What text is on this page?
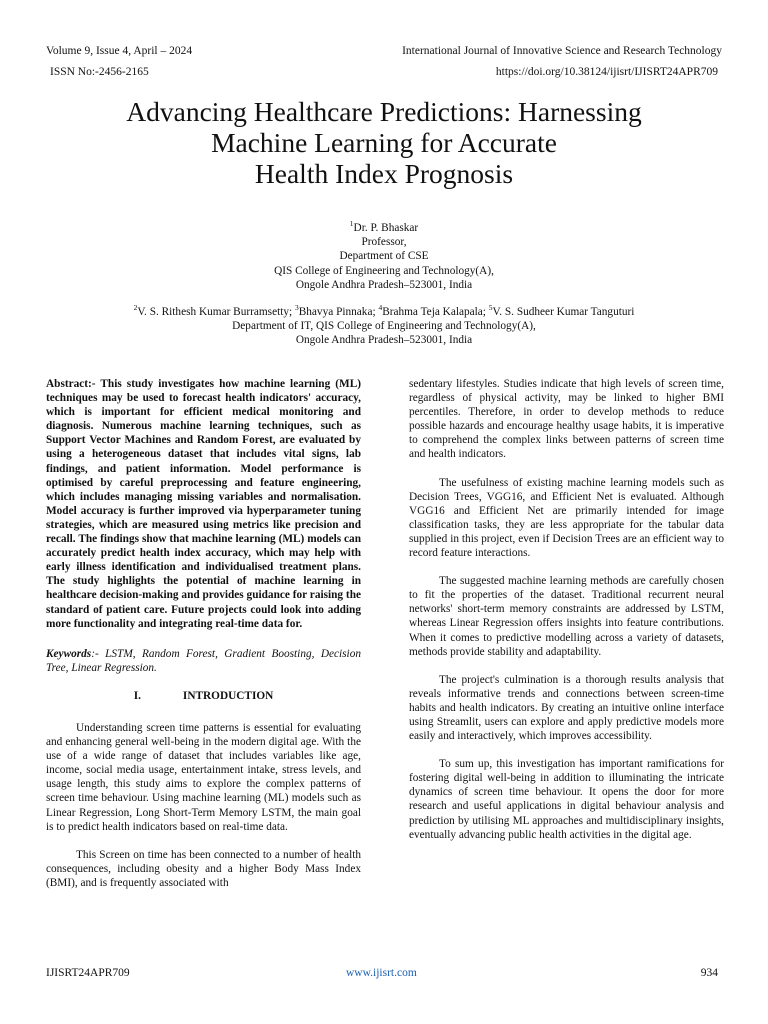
Volume 9, Issue 4, April – 2024	International Journal of Innovative Science and Research Technology
ISSN No:-2456-2165	https://doi.org/10.38124/ijisrt/IJISRT24APR709
Advancing Healthcare Predictions: Harnessing
Machine Learning for Accurate
Health Index Prognosis
$^1$Dr. P. Bhaskar
Professor,
Department of CSE
QIS College of Engineering and Technology(A),
Ongole Andhra Pradesh–523001, India
$^2$V. S. Rithesh Kumar Burramsetty; $^3$Bhavya Pinnaka; $^4$Brahma Teja Kalapala; $^5$V. S. Sudheer Kumar Tanguturi
Department of IT, QIS College of Engineering and Technology(A),
Ongole Andhra Pradesh–523001, India

Abstract:- This study investigates how machine learning (ML) techniques may be used to forecast health indicators' accuracy, which is important for efficient medical monitoring and diagnosis. Numerous machine learning techniques, such as Support Vector Machines and Random Forest, are evaluated by using a heterogeneous dataset that includes vital signs, lab findings, and patient information. Model performance is optimised by careful preprocessing and feature engineering, which includes managing missing variables and normalisation. Model accuracy is further improved via hyperparameter tuning strategies, which are measured using metrics like precision and recall. The findings show that machine learning (ML) models can accurately predict health index accuracy, which may help with early illness identification and individualised treatment plans. The study highlights the potential of machine learning in healthcare decision-making and provides guidance for raising the standard of patient care. Future projects could look into adding more functionality and integrating real-time data for.

Keywords:- LSTM, Random Forest, Gradient Boosting, Decision Tree, Linear Regression.

I.	INTRODUCTION

Understanding screen time patterns is essential for evaluating and enhancing general well-being in the modern digital age. With the use of a wide range of dataset that includes variables like age, income, social media usage, entertainment intake, stress levels, and usage length, this study aims to explore the complex patterns of screen time behaviour. Using machine learning (ML) models such as Linear Regression, Long Short-Term Memory LSTM, the main goal is to predict health indicators based on real-time data.

This Screen on time has been connected to a number of health consequences, including obesity and a higher Body Mass Index (BMI), and is frequently associated with

sedentary lifestyles. Studies indicate that high levels of screen time, regardless of physical activity, may be linked to higher BMI percentiles. Therefore, in order to develop methods to reduce possible hazards and encourage healthy usage habits, it is imperative to comprehend the complex links between patterns of screen time and health indicators.

The usefulness of existing machine learning models such as Decision Trees, VGG16, and Efficient Net is evaluated. Although VGG16 and Efficient Net are primarily intended for image classification tasks, they are less appropriate for the tabular data supplied in this project, even if Decision Trees are an efficient way to record feature interactions.

The suggested machine learning methods are carefully chosen to fit the properties of the dataset. Traditional recurrent neural networks' short-term memory constraints are addressed by LSTM, whereas Linear Regression offers insights into feature contributions. When it comes to predictive modelling across a variety of datasets, methods provide stability and adaptability.

The project's culmination is a thorough results analysis that reveals informative trends and connections between screen-time habits and health indicators. By creating an intuitive online interface using Streamlit, users can explore and apply predictive models more easily and interactively, which improves accessibility.

To sum up, this investigation has important ramifications for fostering digital well-being in addition to illuminating the intricate dynamics of screen time behaviour. It opens the door for more research and useful applications in digital behaviour analysis and prediction by utilising ML approaches and multidisciplinary insights, eventually advancing public health activities in the digital age.

IJISRT24APR709	www.ijisrt.com	934
